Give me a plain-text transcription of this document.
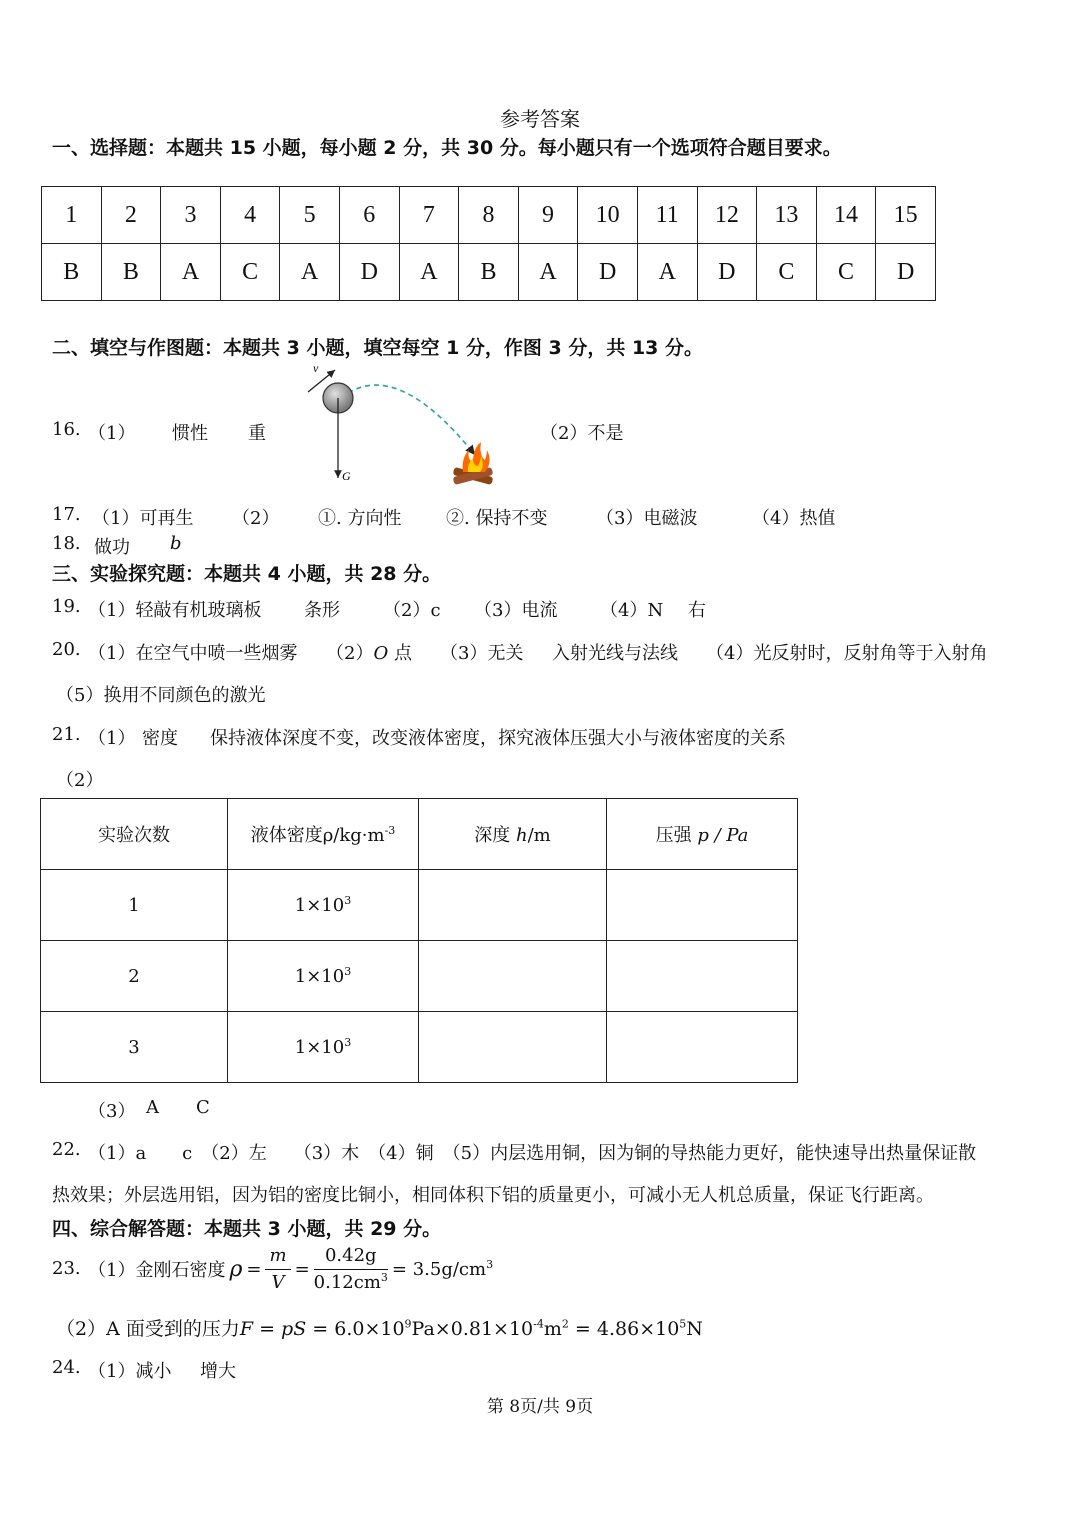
参考答案
一、选择题：本题共 15 小题，每小题 2 分，共 30 分。每小题只有一个选项符合题目要求。
1	2	3	4	5	6	7	8	9	10	11	12	13	14	15
B	B	A	C	A	D	A	B	A	D	A	D	C	C	D
二、填空与作图题：本题共 3 小题，填空每空 1 分，作图 3 分，共 13 分。
16. （1） 惯性 重	（2）不是
v
G
17. （1）可再生 （2） ①. 方向性 ②. 保持不变	（3）电磁波	（4）热值
18. 做功 b
三、实验探究题：本题共 4 小题，共 28 分。
19. （1）轻敲有机玻璃板 条形 （2）c （3）电流 （4）N 右
20. （1）在空气中喷一些烟雾 （2）O 点 （3）无关 入射光线与法线 （4）光反射时，反射角等于入射角
（5）换用不同颜色的激光
21. （1） 密度 保持液体深度不变，改变液体密度，探究液体压强大小与液体密度的关系
（2）
实验次数	液体密度$\rho/kg\cdot m^{-3}$	深度 h/m	压强 p / Pa
1	$1\times 10^3$		
2	$1\times 10^3$		
3	$1\times 10^3$		
（3） A C
22. （1）a　　c　（2）左　　（3）木　（4）铜　（5）内层选用铜，因为铜的导热能力更好，能快速导出热量保证散
热效果；外层选用铝，因为铝的密度比铜小，相同体积下铝的质量更小，可减小无人机总质量，保证飞行距离。
四、综合解答题：本题共 3 小题，共 29 分。
23. （1）金刚石密度 $\rho = \frac{m}{V} = \frac{0.42g}{0.12cm^3} = 3.5g/cm^3$
（2）A 面受到的压力F = pS = $6.0\times 10^9Pa\times 0.81\times 10^{-4}m^2 = 4.86\times 10^5N$
24. （1）减小 增大
第 8页/共 9页
